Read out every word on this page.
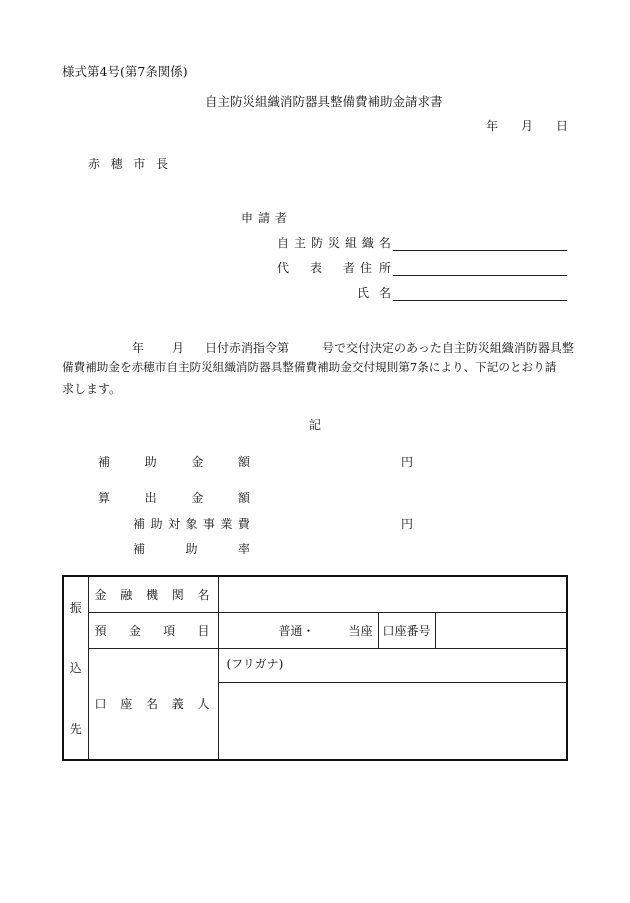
様式第4号(第7条関係)
自主防災組織消防器具整備費補助金請求書
年 月 日
赤 穂 市 長
申 請 者
自 主 防 災 組 織 名
代 表 者 住 所
氏 名
年 月 日付赤消指令第	号で交付決定のあった自主防災組織消防器具整
備費補助金を赤穂市自主防災組織消防器具整備費補助金交付規則第7条により、下記のとおり請
求します。
記
補	助	金	額	円
算	出	金	額
補 助 対 象 事 業 費	円
補	助	率
振
込
先	金 融 機 関 名			

	預 金 項 目	普通・ 当座	口座番号	

	口 座 名 義 人	(フリガナ)		
